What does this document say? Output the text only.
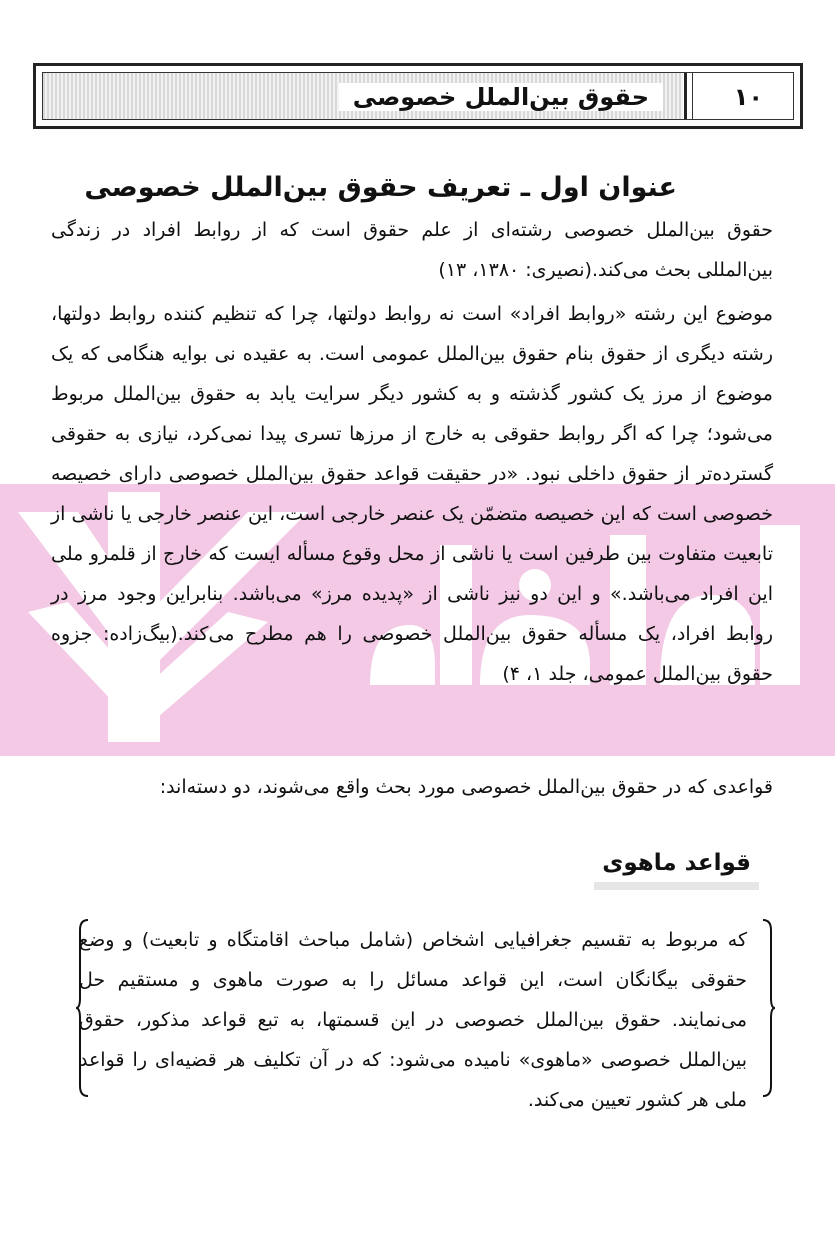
حقوق بین‌الملل خصوصی	۱۰
عنوان اول ـ تعریف حقوق بین‌الملل خصوصی

حقوق بین‌الملل خصوصی رشته‌ای از علم حقوق است که از روابط افراد در زندگی بین‌المللی بحث می‌کند.(نصیری: ۱۳۸۰، ۱۳)

موضوع این رشته «روابط افراد» است نه روابط دولتها، چرا که تنظیم کننده روابط دولتها، رشته دیگری از حقوق بنام حقوق بین‌الملل عمومی است. به عقیده نی بوایه هنگامی که یک موضوع از مرز یک کشور گذشته و به کشور دیگر سرایت یابد به حقوق بین‌الملل مربوط می‌شود؛ چرا که اگر روابط حقوقی به خارج از مرزها تسری پیدا نمی‌کرد، نیازی به حقوقی گسترده‌تر از حقوق داخلی نبود. «در حقیقت قواعد حقوق بین‌الملل خصوصی دارای خصیصه خصوصی است که این خصیصه متضمّن یک عنصر خارجی است، این عنصر خارجی یا ناشی از تابعیت متفاوت بین طرفین است یا ناشی از محل وقوع مسأله ایست که خارج از قلمرو ملی این افراد می‌باشد.» و این دو نیز ناشی از «پدیده مرز» می‌باشد. بنابراین وجود مرز در روابط افراد، یک مسأله حقوق بین‌الملل خصوصی را هم مطرح می‌کند.(بیگ‌زاده: جزوه حقوق بین‌الملل عمومی، جلد ۱، ۴)

قواعدی که در حقوق بین‌الملل خصوصی مورد بحث واقع می‌شوند، دو دسته‌اند:

قواعد ماهوی

که مربوط به تقسیم جغرافیایی اشخاص (شامل مباحث اقامتگاه و تابعیت) و وضع حقوقی بیگانگان است، این قواعد مسائل را به صورت ماهوی و مستقیم حل می‌نمایند. حقوق بین‌الملل خصوصی در این قسمتها، به تبع قواعد مذکور، حقوق بین‌الملل خصوصی «ماهوی» نامیده می‌شود: که در آن تکلیف هر قضیه‌ای را قواعد ملی هر کشور تعیین می‌کند.
